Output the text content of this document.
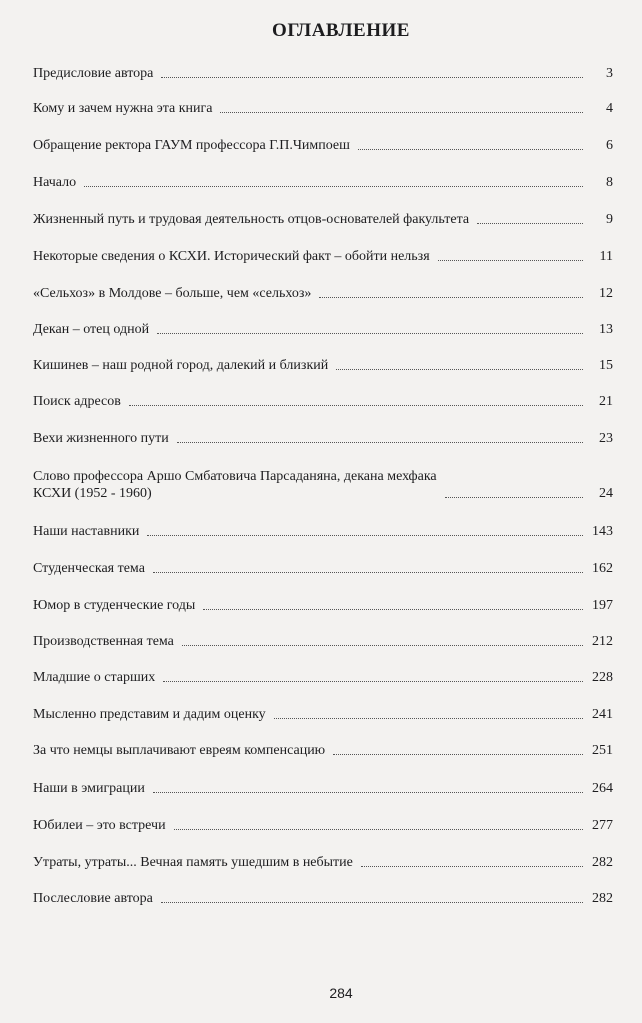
ОГЛАВЛЕНИЕ
Предисловие автора	3
Кому и зачем нужна эта книга	4
Обращение ректора ГАУМ профессора Г.П.Чимпоеш	6
Начало	8
Жизненный путь и трудовая деятельность отцов-основателей факультета	9
Некоторые сведения о КСХИ. Исторический факт – обойти нельзя	11
«Сельхоз» в Молдове – больше, чем «сельхоз»	12
Декан – отец одной	13
Кишинев – наш родной город, далекий и близкий	15
Поиск адресов	21
Вехи жизненного пути	23
Слово профессора Аршо Смбатовича Парсаданяна, декана мехфака
КСХИ (1952 - 1960)	24
Наши наставники	143
Студенческая тема	162
Юмор в студенческие годы	197
Производственная тема	212
Младшие о старших	228
Мысленно представим и дадим оценку	241
За что немцы выплачивают евреям компенсацию	251
Наши в эмиграции	264
Юбилеи – это встречи	277
Утраты, утраты... Вечная память ушедшим в небытие	282
Послесловие автора	282
284
